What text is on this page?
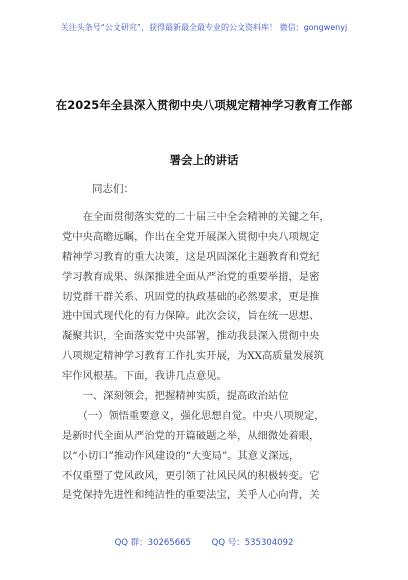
关注头条号“公文研究”，获得最新最全最专业的公文资料库！ 微信：gongwenyj
在2025年全县深入贯彻中央八项规定精神学习教育工作部
署会上的讲话
同志们：
　　在全面贯彻落实党的二十届三中全会精神的关键之年，
党中央高瞻远瞩，作出在全党开展深入贯彻中央八项规定
精神学习教育的重大决策，这是巩固深化主题教育和党纪
学习教育成果、纵深推进全面从严治党的重要举措，是密
切党群干群关系、巩固党的执政基础的必然要求，更是推
进中国式现代化的有力保障。此次会议，旨在统一思想、
凝聚共识，全面落实党中央部署，推动我县深入贯彻中央
八项规定精神学习教育工作扎实开展，为XX高质量发展筑
牢作风根基。下面，我讲几点意见。
　　一、深刻领会，把握精神实质，提高政治站位
　　（一）领悟重要意义，强化思想自觉。中央八项规定，
是新时代全面从严治党的开篇破题之举，从细微处着眼，
以“小切口”推动作风建设的“大变局”。其意义深远，
不仅重塑了党风政风，更引领了社风民风的积极转变。它
是党保持先进性和纯洁性的重要法宝，关乎人心向背，关
QQ 群：30265665 QQ 号：535304092
